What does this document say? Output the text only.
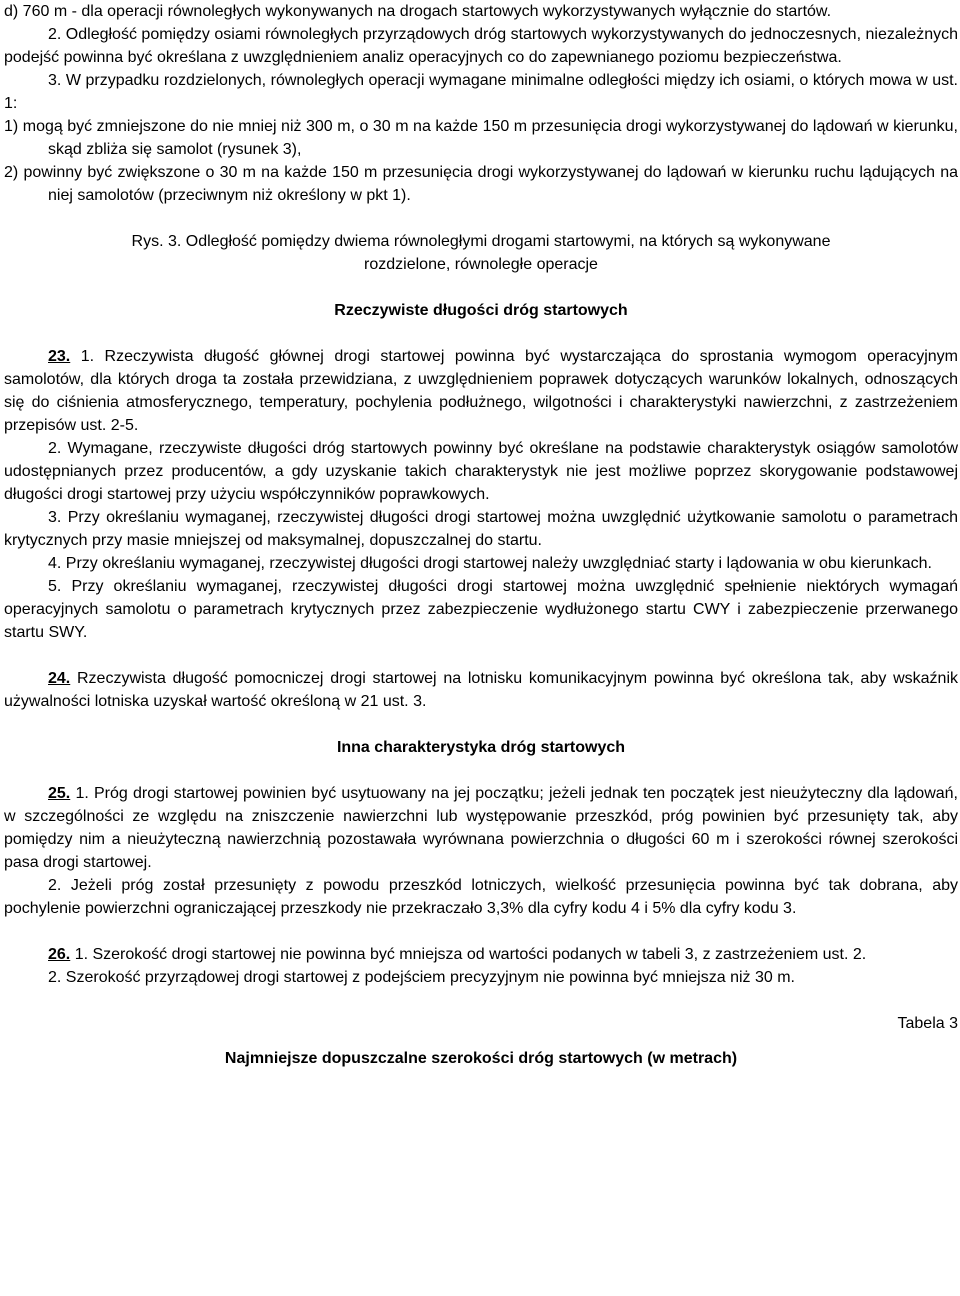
d) 760 m - dla operacji równoległych wykonywanych na drogach startowych wykorzystywanych wyłącznie do startów.

2. Odległość pomiędzy osiami równoległych przyrządowych dróg startowych wykorzystywanych do jednoczesnych, niezależnych podejść powinna być określana z uwzględnieniem analiz operacyjnych co do zapewnianego poziomu bezpieczeństwa.

3. W przypadku rozdzielonych, równoległych operacji wymagane minimalne odległości między ich osiami, o których mowa w ust. 1:

1) mogą być zmniejszone do nie mniej niż 300 m, o 30 m na każde 150 m przesunięcia drogi wykorzystywanej do lądowań w kierunku, skąd zbliża się samolot (rysunek 3),

2) powinny być zwiększone o 30 m na każde 150 m przesunięcia drogi wykorzystywanej do lądowań w kierunku ruchu lądujących na niej samolotów (przeciwnym niż określony w pkt 1).

Rys. 3. Odległość pomiędzy dwiema równoległymi drogami startowymi, na których są wykonywane

rozdzielone, równoległe operacje

Rzeczywiste długości dróg startowych

23. 1. Rzeczywista długość głównej drogi startowej powinna być wystarczająca do sprostania wymogom operacyjnym samolotów, dla których droga ta została przewidziana, z uwzględnieniem poprawek dotyczących warunków lokalnych, odnoszących się do ciśnienia atmosferycznego, temperatury, pochylenia podłużnego, wilgotności i charakterystyki nawierzchni, z zastrzeżeniem przepisów ust. 2-5.

2. Wymagane, rzeczywiste długości dróg startowych powinny być określane na podstawie charakterystyk osiągów samolotów udostępnianych przez producentów, a gdy uzyskanie takich charakterystyk nie jest możliwe poprzez skorygowanie podstawowej długości drogi startowej przy użyciu współczynników poprawkowych.

3. Przy określaniu wymaganej, rzeczywistej długości drogi startowej można uwzględnić użytkowanie samolotu o parametrach krytycznych przy masie mniejszej od maksymalnej, dopuszczalnej do startu.

4. Przy określaniu wymaganej, rzeczywistej długości drogi startowej należy uwzględniać starty i lądowania w obu kierunkach.

5. Przy określaniu wymaganej, rzeczywistej długości drogi startowej można uwzględnić spełnienie niektórych wymagań operacyjnych samolotu o parametrach krytycznych przez zabezpieczenie wydłużonego startu CWY i zabezpieczenie przerwanego startu SWY.

24. Rzeczywista długość pomocniczej drogi startowej na lotnisku komunikacyjnym powinna być określona tak, aby wskaźnik używalności lotniska uzyskał wartość określoną w 21 ust. 3.

Inna charakterystyka dróg startowych

25. 1. Próg drogi startowej powinien być usytuowany na jej początku; jeżeli jednak ten początek jest nieużyteczny dla lądowań, w szczególności ze względu na zniszczenie nawierzchni lub występowanie przeszkód, próg powinien być przesunięty tak, aby pomiędzy nim a nieużyteczną nawierzchnią pozostawała wyrównana powierzchnia o długości 60 m i szerokości równej szerokości pasa drogi startowej.

2. Jeżeli próg został przesunięty z powodu przeszkód lotniczych, wielkość przesunięcia powinna być tak dobrana, aby pochylenie powierzchni ograniczającej przeszkody nie przekraczało 3,3% dla cyfry kodu 4 i 5% dla cyfry kodu 3.

26. 1. Szerokość drogi startowej nie powinna być mniejsza od wartości podanych w tabeli 3, z zastrzeżeniem ust. 2.

2. Szerokość przyrządowej drogi startowej z podejściem precyzyjnym nie powinna być mniejsza niż 30 m.

Tabela 3

Najmniejsze dopuszczalne szerokości dróg startowych (w metrach)
